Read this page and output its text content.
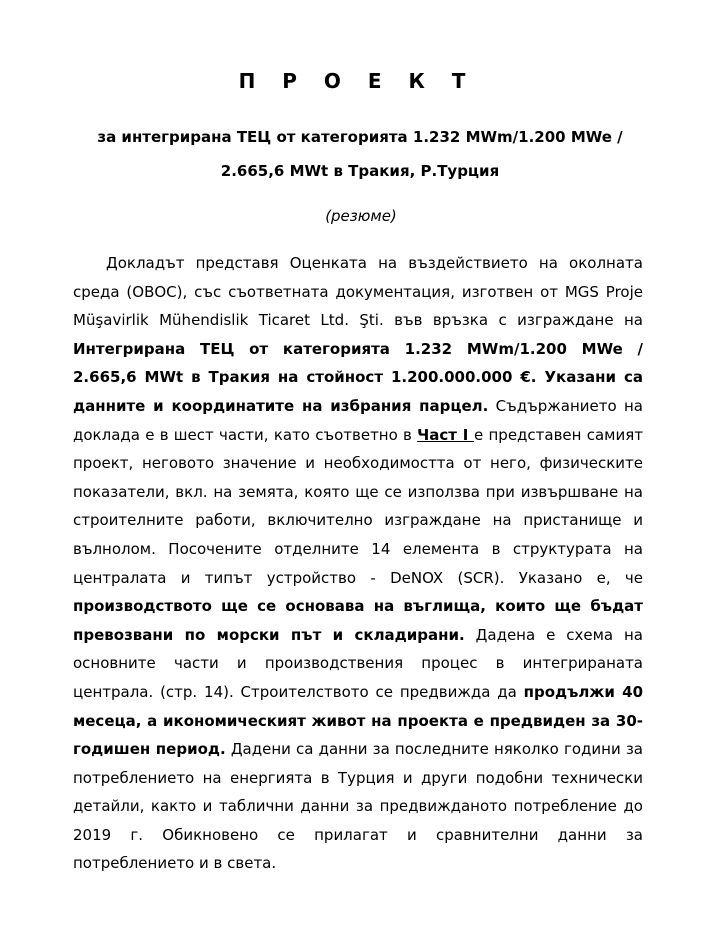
П Р О Е К Т
за интегрирана ТЕЦ от категорията 1.232 MWm/1.200 MWe /
2.665,6 MWt в Тракия, Р.Турция
(резюме)

Докладът представя Оценката на въздействието на околната среда (ОВОС), със съответната документация, изготвен от MGS Proje Müşavirlik Mühendislik Ticaret Ltd. Şti. във връзка с изграждане на Интегрирана ТЕЦ от категорията 1.232 MWm/1.200 MWe / 2.665,6 MWt в Тракия на стойност 1.200.000.000 €. Указани са данните и координатите на избрания парцел. Съдържанието на доклада е в шест части, като съответно в Част I е представен самият проект, неговото значение и необходимостта от него, физическите показатели, вкл. на земята, която ще се използва при извършване на строителните работи, включително изграждане на пристанище и вълнолом. Посочените отделните 14 елемента в структурата на централата и типът устройство - DeNOX (SCR). Указано е, че производството ще се основава на въглища, които ще бъдат превозвани по морски път и складирани. Дадена е схема на основните части и производствения процес в интегрираната централа. (стр. 14). Строителството се предвижда да продължи 40 месеца, а икономическият живот на проекта е предвиден за 30-годишен период. Дадени са данни за последните няколко години за потреблението на енергията в Турция и други подобни технически детайли, както и таблични данни за предвижданото потребление до 2019 г. Обикновено се прилагат и сравнителни данни за потреблението и в света.
